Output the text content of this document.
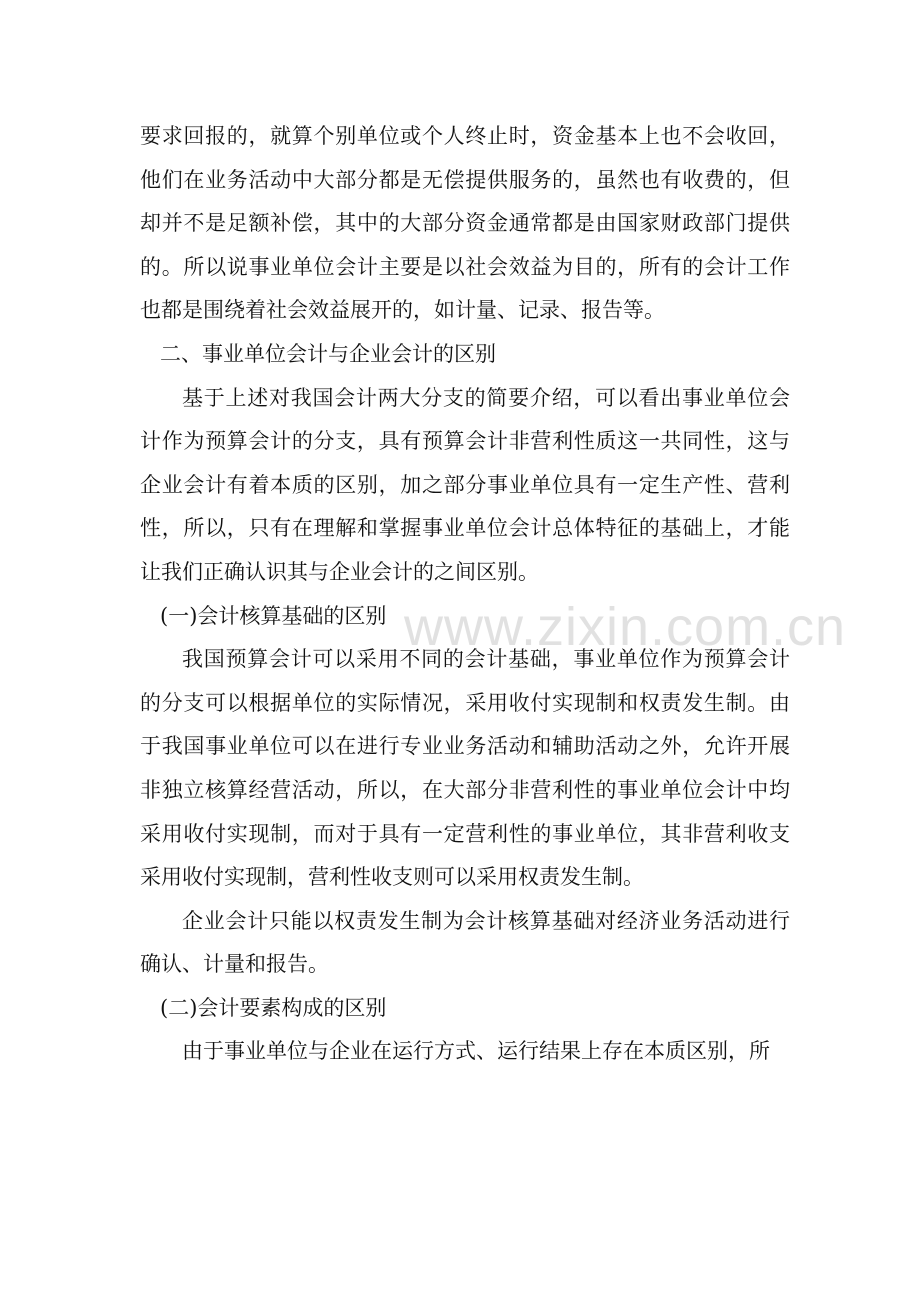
要求回报的，就算个别单位或个人终止时，资金基本上也不会收回，他们在业务活动中大部分都是无偿提供服务的，虽然也有收费的，但却并不是足额补偿，其中的大部分资金通常都是由国家财政部门提供的。所以说事业单位会计主要是以社会效益为目的，所有的会计工作也都是围绕着社会效益展开的，如计量、记录、报告等。

二、事业单位会计与企业会计的区别

基于上述对我国会计两大分支的简要介绍，可以看出事业单位会计作为预算会计的分支，具有预算会计非营利性质这一共同性，这与企业会计有着本质的区别，加之部分事业单位具有一定生产性、营利性，所以，只有在理解和掌握事业单位会计总体特征的基础上，才能让我们正确认识其与企业会计的之间区别。

(一)会计核算基础的区别

我国预算会计可以采用不同的会计基础，事业单位作为预算会计的分支可以根据单位的实际情况，采用收付实现制和权责发生制。由于我国事业单位可以在进行专业业务活动和辅助活动之外，允许开展非独立核算经营活动，所以，在大部分非营利性的事业单位会计中均采用收付实现制，而对于具有一定营利性的事业单位，其非营利收支采用收付实现制，营利性收支则可以采用权责发生制。

企业会计只能以权责发生制为会计核算基础对经济业务活动进行确认、计量和报告。

(二)会计要素构成的区别

由于事业单位与企业在运行方式、运行结果上存在本质区别，所

www.zixin.com.cn
